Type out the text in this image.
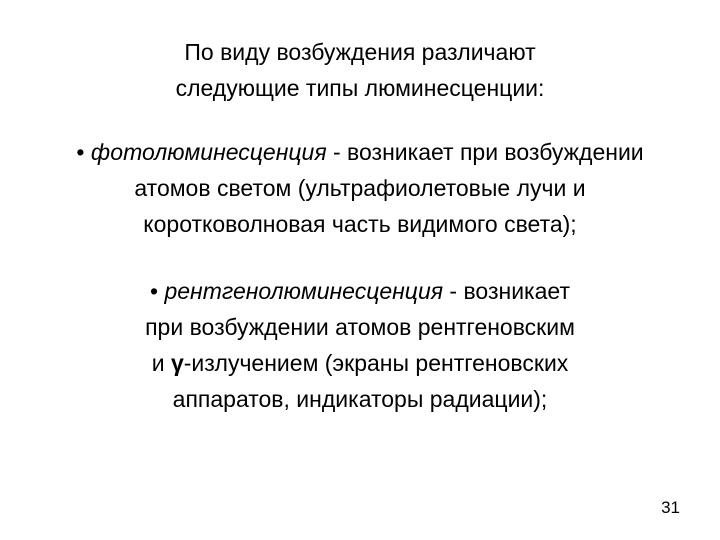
По виду возбуждения различают
следующие типы люминесценции:
• фотолюминесценция - возникает при возбуждении
атомов светом (ультрафиолетовые лучи и
коротковолновая часть видимого света);
• рентгенолюминесценция - возникает
при возбуждении атомов рентгеновским
и γ-излучением (экраны рентгеновских
аппаратов, индикаторы радиации);
31
